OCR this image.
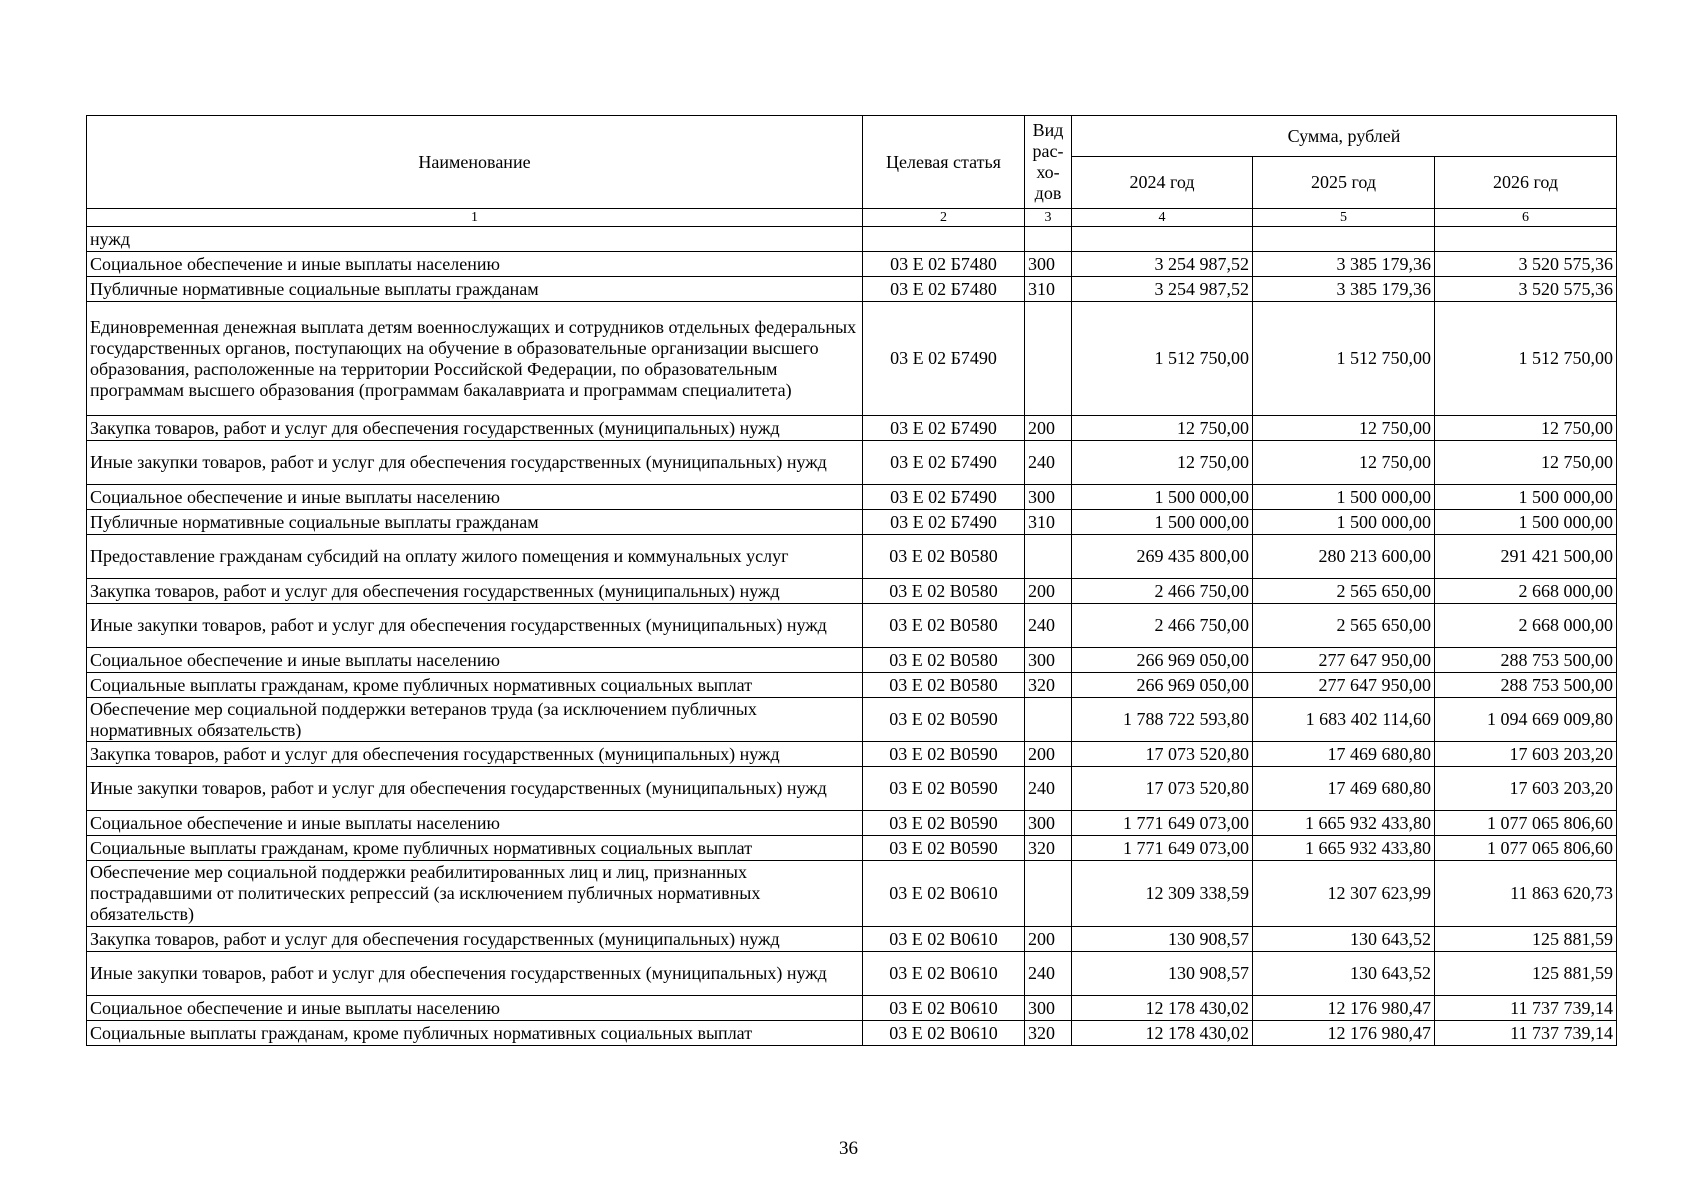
Наименование	Целевая статья	Вид рас-хо-дов	Сумма, рублей		
			2024 год	2025 год	2026 год
1	2	3	4	5	6
нужд					
Социальное обеспечение и иные выплаты населению	03 Е 02 Б7480	300	3 254 987,52	3 385 179,36	3 520 575,36
Публичные нормативные социальные выплаты гражданам	03 Е 02 Б7480	310	3 254 987,52	3 385 179,36	3 520 575,36
Единовременная денежная выплата детям военнослужащих и сотрудников отдельных федеральных государственных органов, поступающих на обучение в образовательные организации высшего образования, расположенные на территории Российской Федерации, по образовательным программам высшего образования (программам бакалавриата и программам специалитета)	03 Е 02 Б7490		1 512 750,00	1 512 750,00	1 512 750,00
Закупка товаров, работ и услуг для обеспечения государственных (муниципальных) нужд	03 Е 02 Б7490	200	12 750,00	12 750,00	12 750,00
Иные закупки товаров, работ и услуг для обеспечения государственных (муниципальных) нужд	03 Е 02 Б7490	240	12 750,00	12 750,00	12 750,00
Социальное обеспечение и иные выплаты населению	03 Е 02 Б7490	300	1 500 000,00	1 500 000,00	1 500 000,00
Публичные нормативные социальные выплаты гражданам	03 Е 02 Б7490	310	1 500 000,00	1 500 000,00	1 500 000,00
Предоставление гражданам субсидий на оплату жилого помещения и коммунальных услуг	03 Е 02 В0580		269 435 800,00	280 213 600,00	291 421 500,00
Закупка товаров, работ и услуг для обеспечения государственных (муниципальных) нужд	03 Е 02 В0580	200	2 466 750,00	2 565 650,00	2 668 000,00
Иные закупки товаров, работ и услуг для обеспечения государственных (муниципальных) нужд	03 Е 02 В0580	240	2 466 750,00	2 565 650,00	2 668 000,00
Социальное обеспечение и иные выплаты населению	03 Е 02 В0580	300	266 969 050,00	277 647 950,00	288 753 500,00
Социальные выплаты гражданам, кроме публичных нормативных социальных выплат	03 Е 02 В0580	320	266 969 050,00	277 647 950,00	288 753 500,00
Обеспечение мер социальной поддержки ветеранов труда (за исключением публичных нормативных обязательств)	03 Е 02 В0590		1 788 722 593,80	1 683 402 114,60	1 094 669 009,80
Закупка товаров, работ и услуг для обеспечения государственных (муниципальных) нужд	03 Е 02 В0590	200	17 073 520,80	17 469 680,80	17 603 203,20
Иные закупки товаров, работ и услуг для обеспечения государственных (муниципальных) нужд	03 Е 02 В0590	240	17 073 520,80	17 469 680,80	17 603 203,20
Социальное обеспечение и иные выплаты населению	03 Е 02 В0590	300	1 771 649 073,00	1 665 932 433,80	1 077 065 806,60
Социальные выплаты гражданам, кроме публичных нормативных социальных выплат	03 Е 02 В0590	320	1 771 649 073,00	1 665 932 433,80	1 077 065 806,60
Обеспечение мер социальной поддержки реабилитированных лиц и лиц, признанных пострадавшими от политических репрессий (за исключением публичных нормативных обязательств)	03 Е 02 В0610		12 309 338,59	12 307 623,99	11 863 620,73
Закупка товаров, работ и услуг для обеспечения государственных (муниципальных) нужд	03 Е 02 В0610	200	130 908,57	130 643,52	125 881,59
Иные закупки товаров, работ и услуг для обеспечения государственных (муниципальных) нужд	03 Е 02 В0610	240	130 908,57	130 643,52	125 881,59
Социальное обеспечение и иные выплаты населению	03 Е 02 В0610	300	12 178 430,02	12 176 980,47	11 737 739,14
Социальные выплаты гражданам, кроме публичных нормативных социальных выплат	03 Е 02 В0610	320	12 178 430,02	12 176 980,47	11 737 739,14
36
